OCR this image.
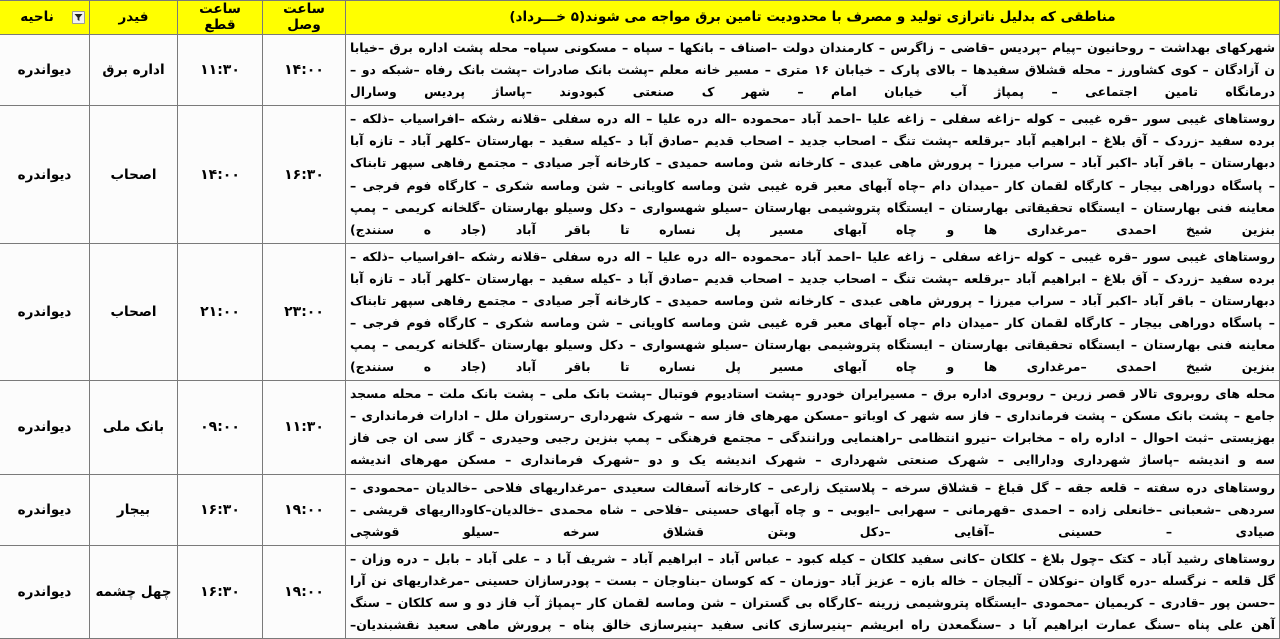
مناطقی که بدلیل ناترازی تولید و مصرف با محدودیت تامین برق مواجه می شوند(۵ خـــرداد)	ساعت وصل	ساعت قطع	فیدر	ناحیه

شهرکهای بهداشت – روحانیون –پیام –پردیس –قاضی – زاگرس – کارمندان دولت –اصناف – بانکها – سپاه – مسکونی سپاه– محله پشت اداره برق –خیابا ن آزادگان – کوی کشاورز – محله قشلاق سفیدها – بالای پارک – خیابان ۱۶ متری – مسیر خانه معلم –پشت بانک صادرات –پشت بانک رفاه –شبکه دو – درمانگاه تامین اجتماعی – پمپاژ آب خیابان امام – شهر ک صنعتی کبودوند –پاساژ پردیس وسارال	۱۴:۰۰	۱۱:۳۰	اداره برق	دیواندره
روستاهای غیبی سور –قره غیبی – کوله –زاغه سفلی – زاغه علیا –احمد آباد –محموده –اله دره علیا – اله دره سفلی –قلانه رشکه –افراسیاب –ذلکه – برده سفید –زردک – آق بلاغ – ابراهیم آباد –برقلعه –پشت تنگ – اصحاب جدید – اصحاب قدیم –صادق آبا د –کیله سفید – بهارستان –کلهر آباد – تازه آبا دبهارستان – باقر آباد –اکبر آباد – سراب میرزا – پرورش ماهی عبدی – کارخانه شن وماسه حمیدی – کارخانه آجر صیادی – مجتمع رفاهی سپهر تابناک – پاسگاه دوراهی بیجار – کارگاه لقمان کار –میدان دام –چاه آبهای معبر قره غیبی شن وماسه کاویانی – شن وماسه شکری – کارگاه فوم فرجی –معاینه فنی بهارستان – ایستگاه تحقیقاتی بهارستان – ایستگاه پتروشیمی بهارستان –سیلو شهسواری – دکل وسیلو بهارستان –گلخانه کریمی – پمپ بنزین شیخ احمدی –مرغداری ها و چاه آبهای مسیر پل نساره تا باقر آباد (جاد ه سنندج)	۱۶:۳۰	۱۴:۰۰	اصحاب	دیواندره
روستاهای غیبی سور –قره غیبی – کوله –زاغه سفلی – زاغه علیا –احمد آباد –محموده –اله دره علیا – اله دره سفلی –قلانه رشکه –افراسیاب –ذلکه – برده سفید –زردک – آق بلاغ – ابراهیم آباد –برقلعه –پشت تنگ – اصحاب جدید – اصحاب قدیم –صادق آبا د –کیله سفید – بهارستان –کلهر آباد – تازه آبا دبهارستان – باقر آباد –اکبر آباد – سراب میرزا – پرورش ماهی عبدی – کارخانه شن وماسه حمیدی – کارخانه آجر صیادی – مجتمع رفاهی سپهر تابناک – پاسگاه دوراهی بیجار – کارگاه لقمان کار –میدان دام –چاه آبهای معبر قره غیبی شن وماسه کاویانی – شن وماسه شکری – کارگاه فوم فرجی –معاینه فنی بهارستان – ایستگاه تحقیقاتی بهارستان – ایستگاه پتروشیمی بهارستان –سیلو شهسواری – دکل وسیلو بهارستان –گلخانه کریمی – پمپ بنزین شیخ احمدی –مرغداری ها و چاه آبهای مسیر پل نساره تا باقر آباد (جاد ه سنندج)	۲۳:۰۰	۲۱:۰۰	اصحاب	دیواندره
محله های روبروی تالار قصر زرین – روبروی اداره برق – مسیرایران خودرو –پشت استادیوم فوتبال –پشت بانک ملی – پشت بانک ملت – محله مسجد جامع – پشت بانک مسکن – پشت فرمانداری – فاز سه شهر ک اوباتو –مسکن مهرهای فاز سه – شهرک شهرداری –رستوران ملل – ادارات فرمانداری – بهزیستی –ثبت احوال – اداره راه – مخابرات –نیرو انتظامی –راهنمایی ورانندگی – مجتمع فرهنگی – پمپ بنزین رجبی وحیدری – گاز سی ان جی فاز سه و اندیشه –پاساژ شهرداری وداراایی – شهرک صنعتی شهرداری – شهرک اندیشه یک و دو –شهرک فرمانداری – مسکن مهرهای اندیشه	۱۱:۳۰	۰۹:۰۰	بانک ملی	دیواندره
روستاهای دره سفته – قلعه جقه – گل قباغ – قشلاق سرخه – پلاستیک زارعی – کارخانه آسفالت سعیدی –مرغداریهای فلاحی –خالدیان –محمودی –سردهی –شعبانی –خانعلی زاده – احمدی –قهرمانی – سهرابی –ایوبی – و چاه آبهای حسینی –فلاحی – شاه محمدی –خالدیان–کاودااریهای قریشی – صیادی – حسینی –آقایی –دکل وبتن قشلاق سرخه –سیلو قوشچی	۱۹:۰۰	۱۶:۳۰	بیجار	دیواندره
روستاهای رشید آباد – کتک –چول بلاغ – کلکان –کانی سفید کلکان – کیله کبود – عباس آباد – ابراهیم آباد – شریف آبا د – علی آباد – بابل – دره وزان – گل قلعه – نرگسله –دره گاوان –نوکلان – آلیجان – خاله بازه – عزیز آباد –وزمان – که کوسان –بناوجان – بست – پودرسازان حسینی –مرغداریهای نن آرا –حسن پور –قادری – کریمیان –محمودی –ایستگاه پتروشیمی زرینه –کارگاه بی گستران – شن وماسه لقمان کار –پمپاژ آب فاز دو و سه کلکان – سنگ آهن علی پناه –سنگ عمارت ابراهیم آبا د –سنگمعدن راه ابریشم –پنیرسازی کانی سفید –پنیرسازی خالق پناه – پرورش ماهی سعید نقشبندیان–	۱۹:۰۰	۱۶:۳۰	چهل چشمه	دیواندره
